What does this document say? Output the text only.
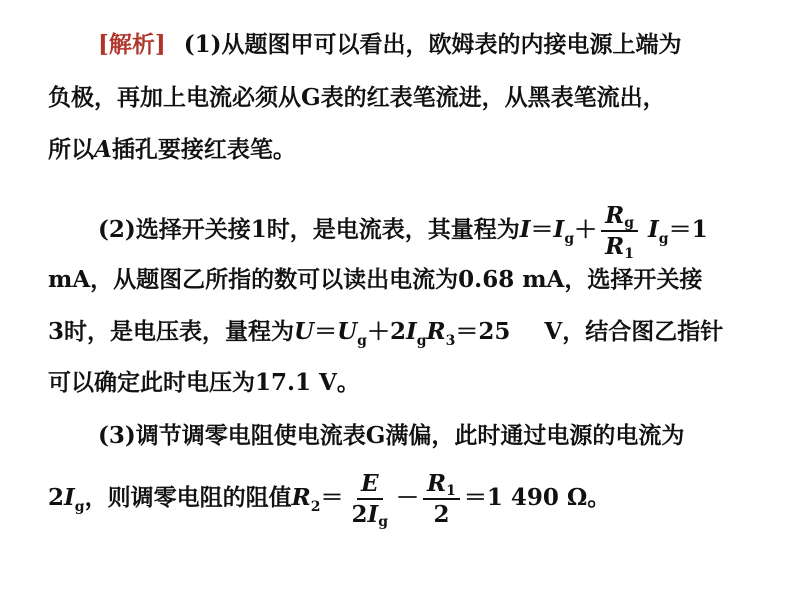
[解析] (1)从题图甲可以看出，欧姆表的内接电源上端为
负极，再加上电流必须从G表的红表笔流进，从黑表笔流出，
所以A插孔要接红表笔。
(2)选择开关接1时，是电流表，其量程为$I=I_g+ \frac{Rg}{R1} I_g=1$
mA，从题图乙所指的数可以读出电流为0.68 mA，选择开关接
3时，是电压表，量程为$U=U_g+2I_gR_3=25$ V，结合图乙指针
可以确定此时电压为17.1 V。
(3)调节调零电阻使电流表G满偏，此时通过电源的电流为
$2I_g$，则调零电阻的阻值$R_2= \frac{E}{2Ig} - \frac{R1}{2} =1$ 490 Ω。
